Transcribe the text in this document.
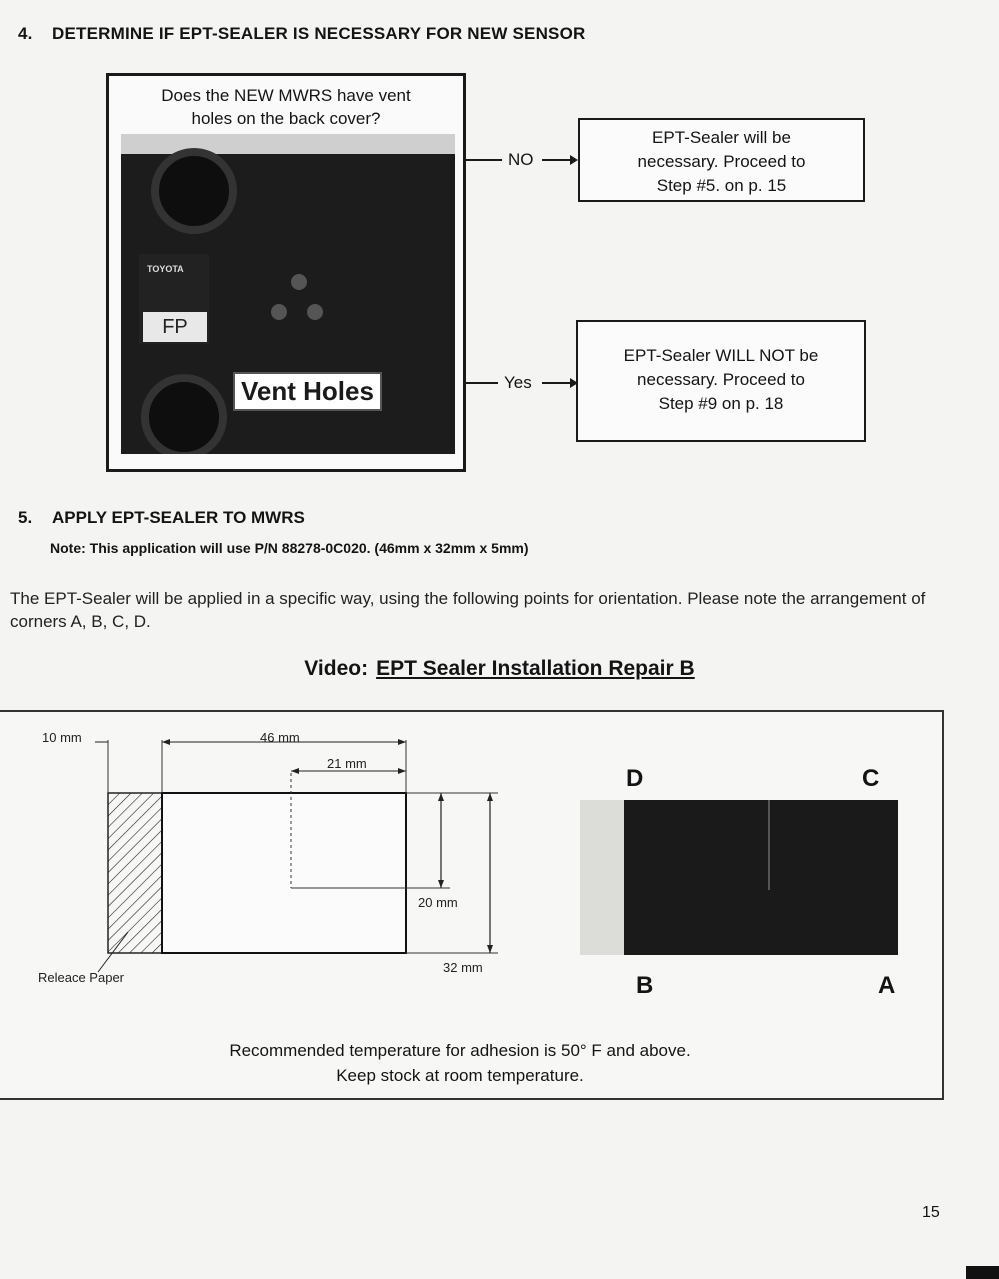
4. DETERMINE IF EPT-SEALER IS NECESSARY FOR NEW SENSOR
Does the NEW MWRS have vent
holes on the back cover?
TOYOTA
FP
Vent Holes
NO
Yes
EPT-Sealer will be
necessary. Proceed to
Step #5. on p. 15
EPT-Sealer WILL NOT be
necessary. Proceed to
Step #9 on p. 18
5. APPLY EPT-SEALER TO MWRS
Note: This application will use P/N 88278-0C020. (46mm x 32mm x 5mm)
The EPT-Sealer will be applied in a specific way, using the following points for orientation. Please note the arrangement of corners A, B, C, D.
Video: EPT Sealer Installation Repair B
10 mm	46 mm
21 mm
20 mm
32 mm
Releace Paper
D	C
B	A
Recommended temperature for adhesion is 50° F and above.
Keep stock at room temperature.
15
